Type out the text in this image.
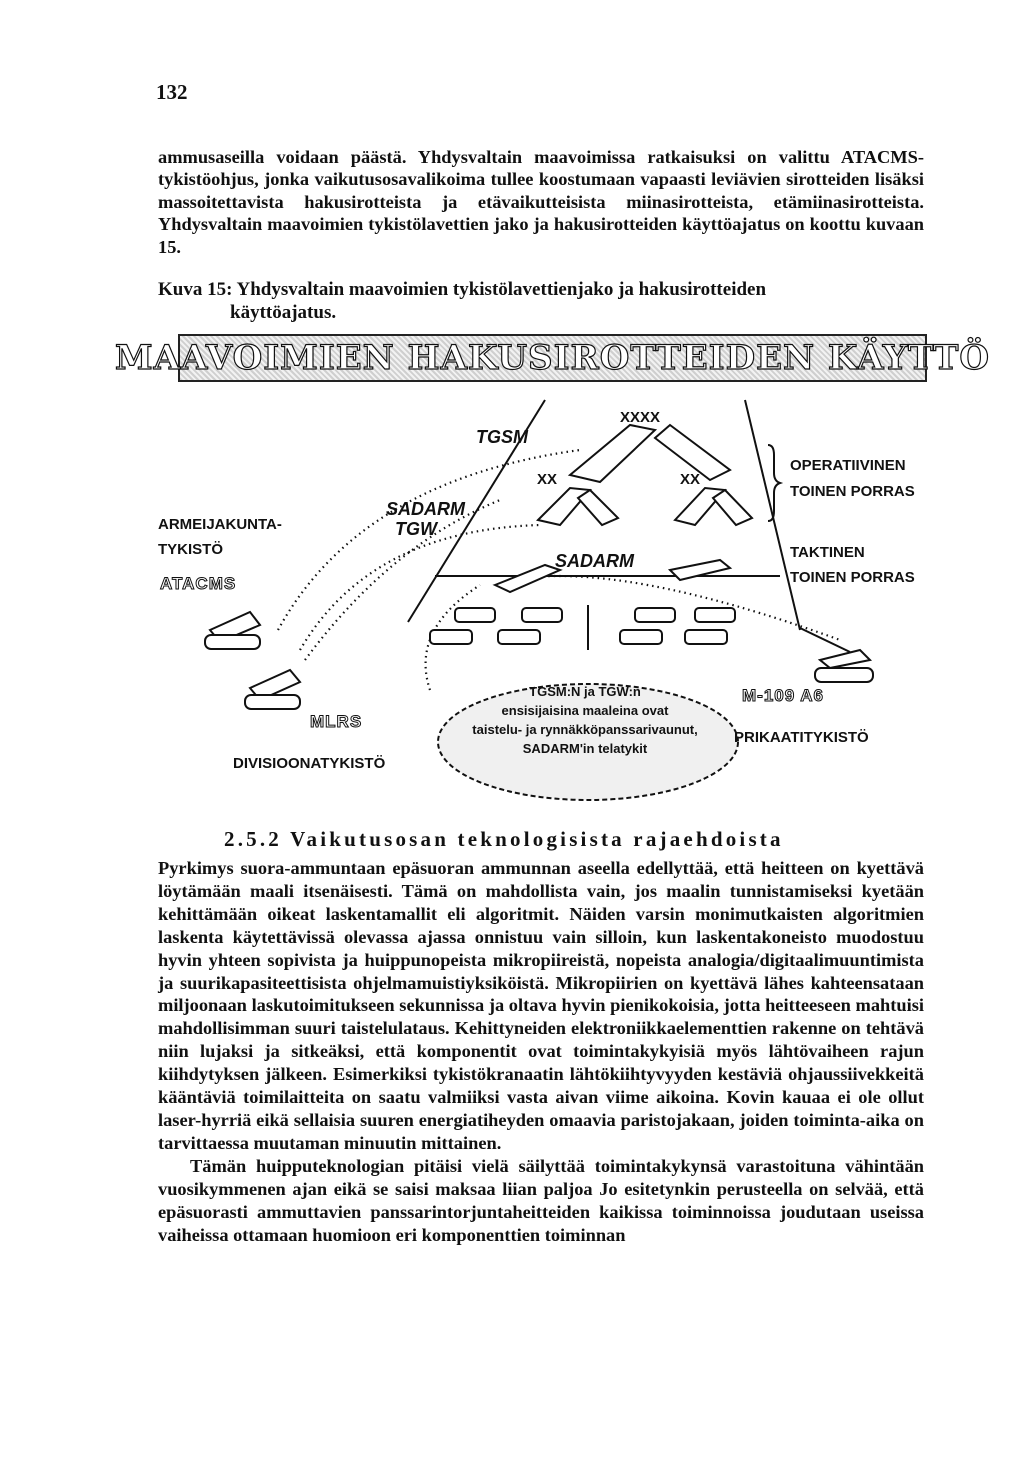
132

ammusaseilla voidaan päästä. Yhdysvaltain maavoimissa ratkaisuksi on valittu ATACMS-tykistöohjus, jonka vaikutusosavalikoima tullee koostumaan vapaasti leviävien sirotteiden lisäksi massoitettavista hakusirotteista ja etävaikutteisista miinasirotteista, etämiinasirotteista. Yhdysvaltain maavoimien tykistölavettien jako ja hakusirotteiden käyttöajatus on koottu kuvaan 15.

Kuva 15: Yhdysvaltain maavoimien tykistölavettienjako ja hakusirotteiden
käyttöajatus.
MAAVOIMIEN HAKUSIROTTEIDEN KÄYTTÖ
XXXX
XX	XX
TGSM
SADARM
TGW
SADARM
OPERATIIVINEN
TOINEN PORRAS
TAKTINEN
TOINEN PORRAS
ARMEIJAKUNTA-
TYKISTÖ
ATACMS
MLRS
DIVISIOONATYKISTÖ
M-109 A6
PRIKAATITYKISTÖ
TGSM:N ja TGW:n
ensisijaisina maaleina ovat
taistelu- ja rynnäkköpanssarivaunut,
SADARM'in telatykit
2.5.2 Vaikutusosan teknologisista rajaehdoista

Pyrkimys suora-ammuntaan epäsuoran ammunnan aseella edellyttää, että heitteen on kyettävä löytämään maali itsenäisesti. Tämä on mahdollista vain, jos maalin tunnistamiseksi kyetään kehittämään oikeat laskentamallit eli algoritmit. Näiden varsin monimutkaisten algoritmien laskenta käytettävissä olevassa ajassa onnistuu vain silloin, kun laskentakoneisto muodostuu hyvin yhteen sopivista ja huippunopeista mikropiireistä, nopeista analogia/digitaalimuuntimista ja suurikapasiteettisista ohjelmamuistiyksiköistä. Mikropiirien on kyettävä lähes kahteensataan miljoonaan laskutoimitukseen sekunnissa ja oltava hyvin pienikokoisia, jotta heitteeseen mahtuisi mahdollisimman suuri taistelulataus. Kehittyneiden elektroniikkaelementtien rakenne on tehtävä niin lujaksi ja sitkeäksi, että komponentit ovat toimintakykyisiä myös lähtövaiheen rajun kiihdytyksen jälkeen. Esimerkiksi tykistökranaatin lähtökiihtyvyyden kestäviä ohjaussiivekkeitä kääntäviä toimilaitteita on saatu valmiiksi vasta aivan viime aikoina. Kovin kauaa ei ole ollut laser-hyrriä eikä sellaisia suuren energiatiheyden omaavia paristojakaan, joiden toiminta-aika on tarvittaessa muutaman minuutin mittainen.

Tämän huipputeknologian pitäisi vielä säilyttää toimintakykynsä varastoituna vähintään vuosikymmenen ajan eikä se saisi maksaa liian paljoa Jo esitetynkin perusteella on selvää, että epäsuorasti ammuttavien panssarintorjuntaheitteiden kaikissa toiminnoissa joudutaan useissa vaiheissa ottamaan huomioon eri komponenttien toiminnan
